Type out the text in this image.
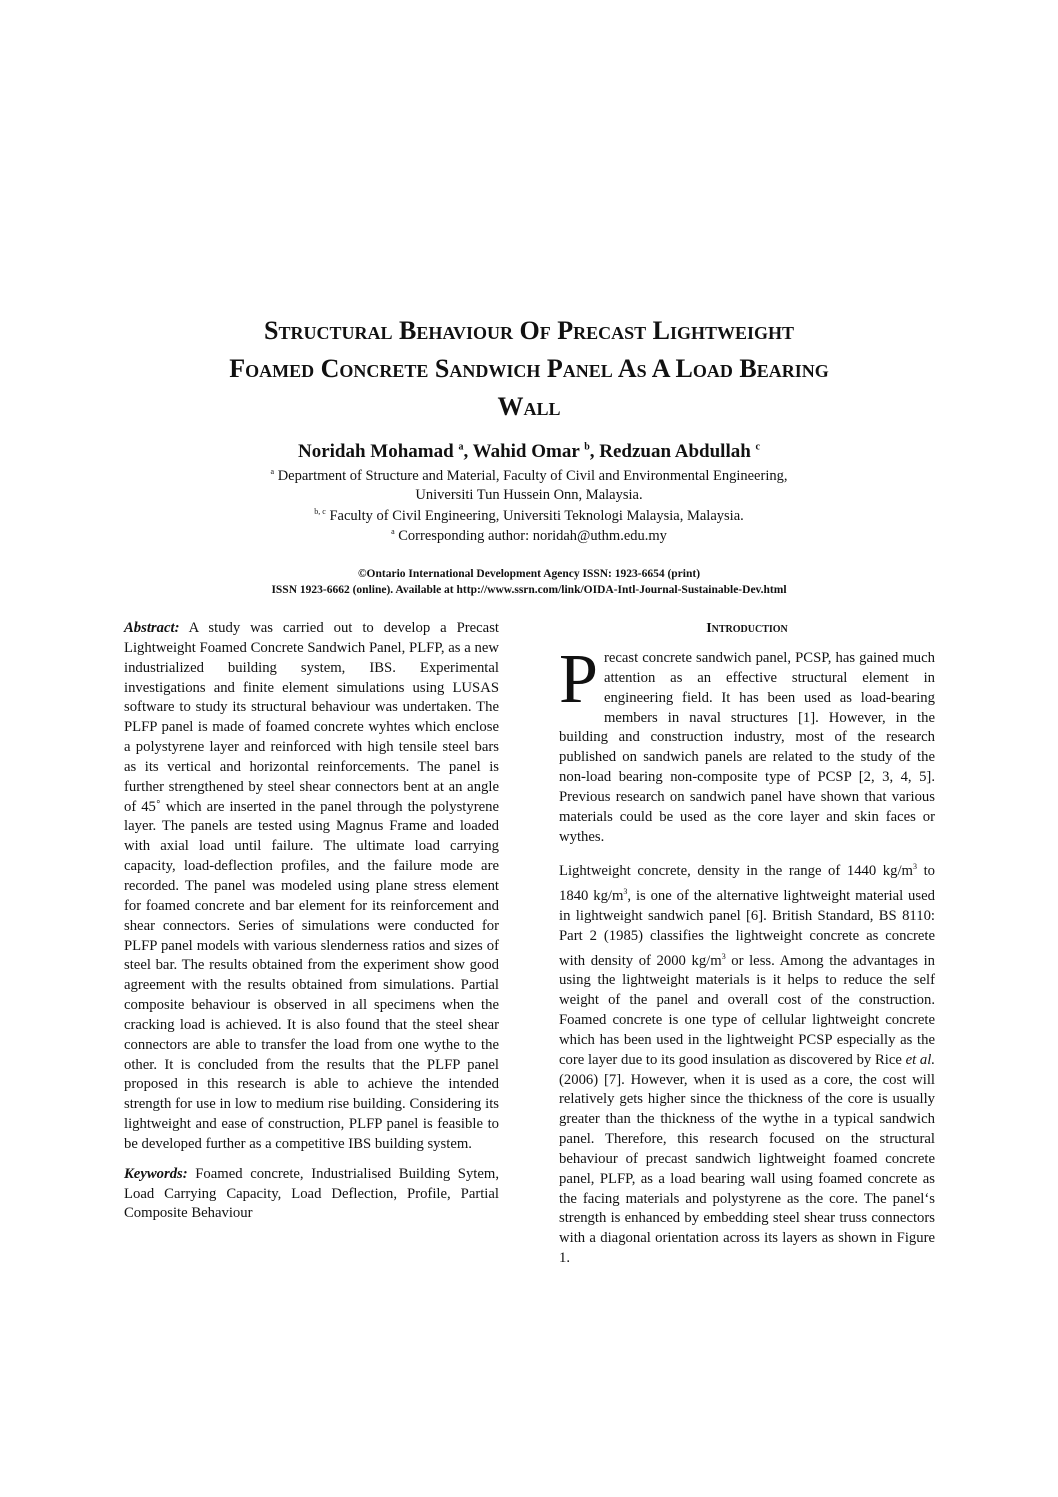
Structural Behaviour Of Precast Lightweight
Foamed Concrete Sandwich Panel As A Load Bearing
Wall
Noridah Mohamad $^a$, Wahid Omar $^b$, Redzuan Abdullah $^c$
$^a$ Department of Structure and Material, Faculty of Civil and Environmental Engineering,
Universiti Tun Hussein Onn, Malaysia.
$^{b, c}$ Faculty of Civil Engineering, Universiti Teknologi Malaysia, Malaysia.
$^a$ Corresponding author: noridah@uthm.edu.my
©Ontario International Development Agency ISSN: 1923-6654 (print)
ISSN 1923-6662 (online). Available at http://www.ssrn.com/link/OIDA-Intl-Journal-Sustainable-Dev.html

Abstract: A study was carried out to develop a Precast Lightweight Foamed Concrete Sandwich Panel, PLFP, as a new industrialized building system, IBS. Experimental investigations and finite element simulations using LUSAS software to study its structural behaviour was undertaken. The PLFP panel is made of foamed concrete wyhtes which enclose a polystyrene layer and reinforced with high tensile steel bars as its vertical and horizontal reinforcements. The panel is further strengthened by steel shear connectors bent at an angle of 45˚ which are inserted in the panel through the polystyrene layer. The panels are tested using Magnus Frame and loaded with axial load until failure. The ultimate load carrying capacity, load-deflection profiles, and the failure mode are recorded. The panel was modeled using plane stress element for foamed concrete and bar element for its reinforcement and shear connectors. Series of simulations were conducted for PLFP panel models with various slenderness ratios and sizes of steel bar. The results obtained from the experiment show good agreement with the results obtained from simulations. Partial composite behaviour is observed in all specimens when the cracking load is achieved. It is also found that the steel shear connectors are able to transfer the load from one wythe to the other. It is concluded from the results that the PLFP panel proposed in this research is able to achieve the intended strength for use in low to medium rise building. Considering its lightweight and ease of construction, PLFP panel is feasible to be developed further as a competitive IBS building system.

Keywords: Foamed concrete, Industrialised Building Sytem, Load Carrying Capacity, Load Deflection, Profile, Partial Composite Behaviour

Introduction

Precast concrete sandwich panel, PCSP, has gained much attention as an effective structural element in engineering field. It has been used as load-bearing members in naval structures [1]. However, in the building and construction industry, most of the research published on sandwich panels are related to the study of the non-load bearing non-composite type of PCSP [2, 3, 4, 5]. Previous research on sandwich panel have shown that various materials could be used as the core layer and skin faces or wythes.

Lightweight concrete, density in the range of 1440 $kg/m^3$ to 1840 $kg/m^3$, is one of the alternative lightweight material used in lightweight sandwich panel [6]. British Standard, BS 8110: Part 2 (1985) classifies the lightweight concrete as concrete with density of 2000 $kg/m^3$ or less. Among the advantages in using the lightweight materials is it helps to reduce the self weight of the panel and overall cost of the construction. Foamed concrete is one type of cellular lightweight concrete which has been used in the lightweight PCSP especially as the core layer due to its good insulation as discovered by Rice et al. (2006) [7]. However, when it is used as a core, the cost will relatively gets higher since the thickness of the core is usually greater than the thickness of the wythe in a typical sandwich panel. Therefore, this research focused on the structural behaviour of precast sandwich lightweight foamed concrete panel, PLFP, as a load bearing wall using foamed concrete as the facing materials and polystyrene as the core. The panel‘s strength is enhanced by embedding steel shear truss connectors with a diagonal orientation across its layers as shown in Figure 1.
